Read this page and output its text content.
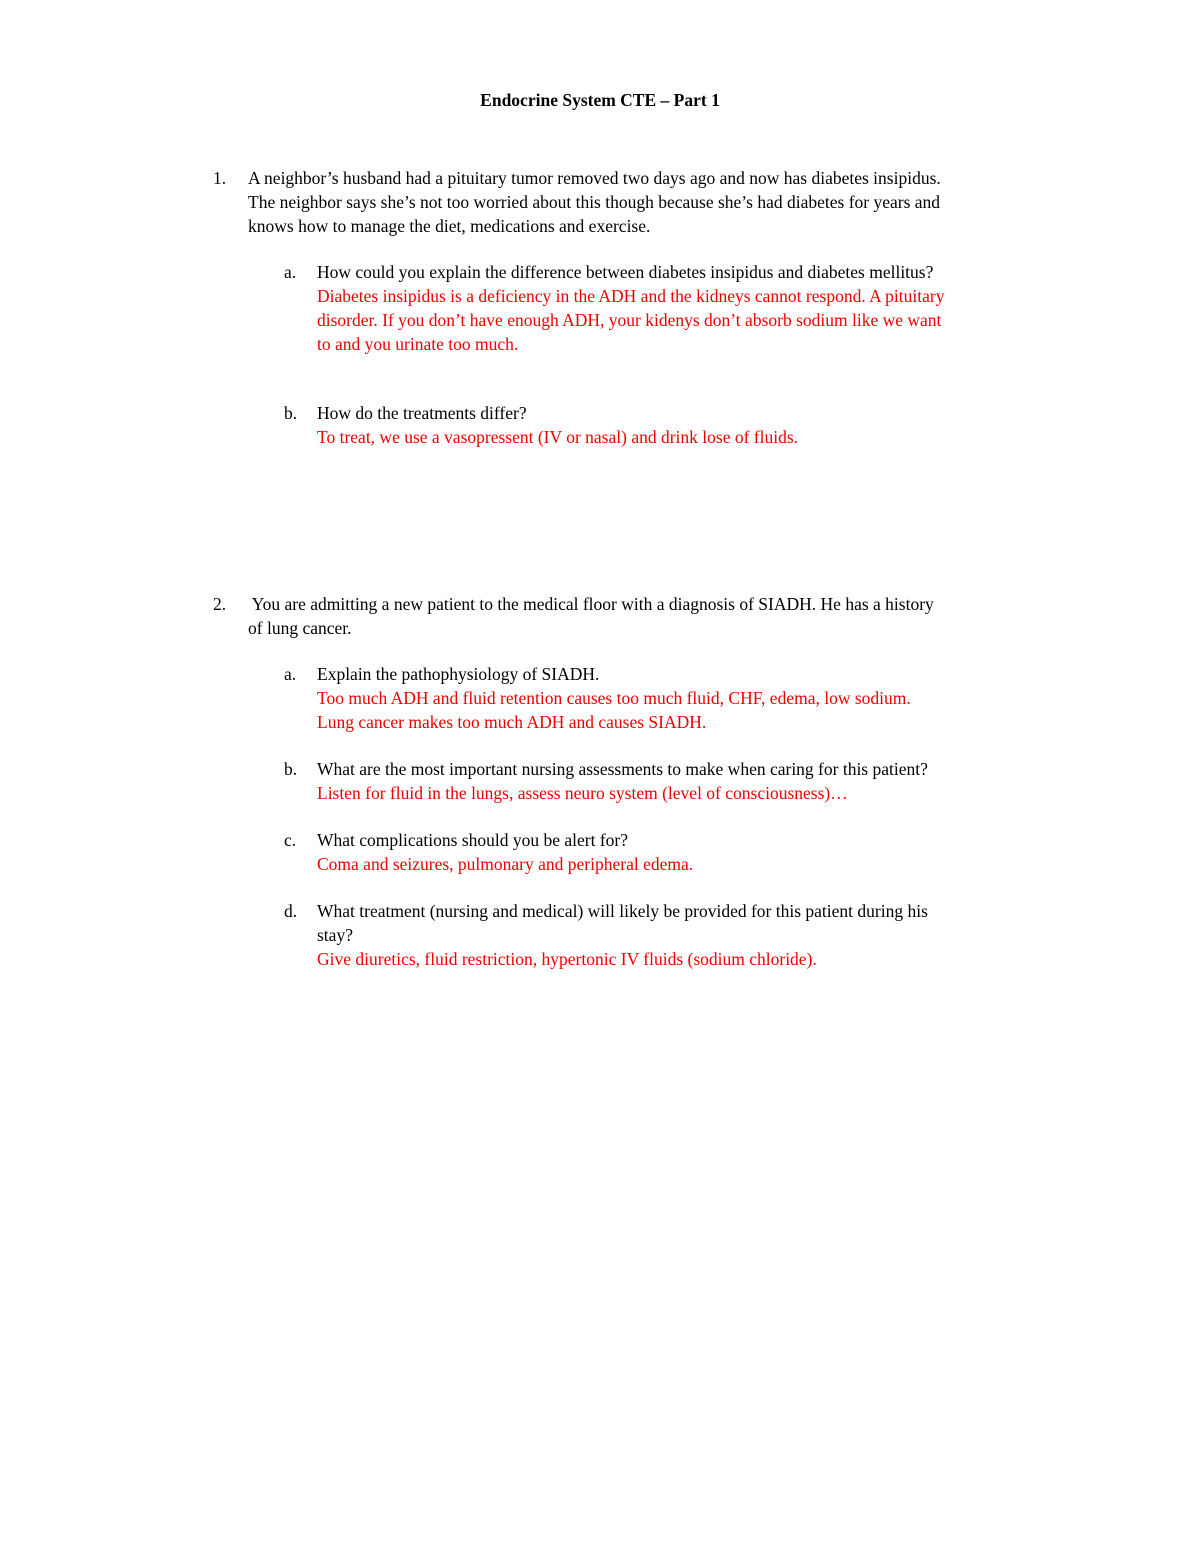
Endocrine System CTE – Part 1
1. A neighbor’s husband had a pituitary tumor removed two days ago and now has diabetes insipidus.
The neighbor says she’s not too worried about this though because she’s had diabetes for years and
knows how to manage the diet, medications and exercise.
a. How could you explain the difference between diabetes insipidus and diabetes mellitus?
Diabetes insipidus is a deficiency in the ADH and the kidneys cannot respond. A pituitary
disorder. If you don’t have enough ADH, your kidenys don’t absorb sodium like we want
to and you urinate too much.
b. How do the treatments differ?
To treat, we use a vasopressent (IV or nasal) and drink lose of fluids.
2. You are admitting a new patient to the medical floor with a diagnosis of SIADH. He has a history
of lung cancer.
a. Explain the pathophysiology of SIADH.
Too much ADH and fluid retention causes too much fluid, CHF, edema, low sodium.
Lung cancer makes too much ADH and causes SIADH.
b. What are the most important nursing assessments to make when caring for this patient?
Listen for fluid in the lungs, assess neuro system (level of consciousness)…
c. What complications should you be alert for?
Coma and seizures, pulmonary and peripheral edema.
d. What treatment (nursing and medical) will likely be provided for this patient during his
stay?
Give diuretics, fluid restriction, hypertonic IV fluids (sodium chloride).
